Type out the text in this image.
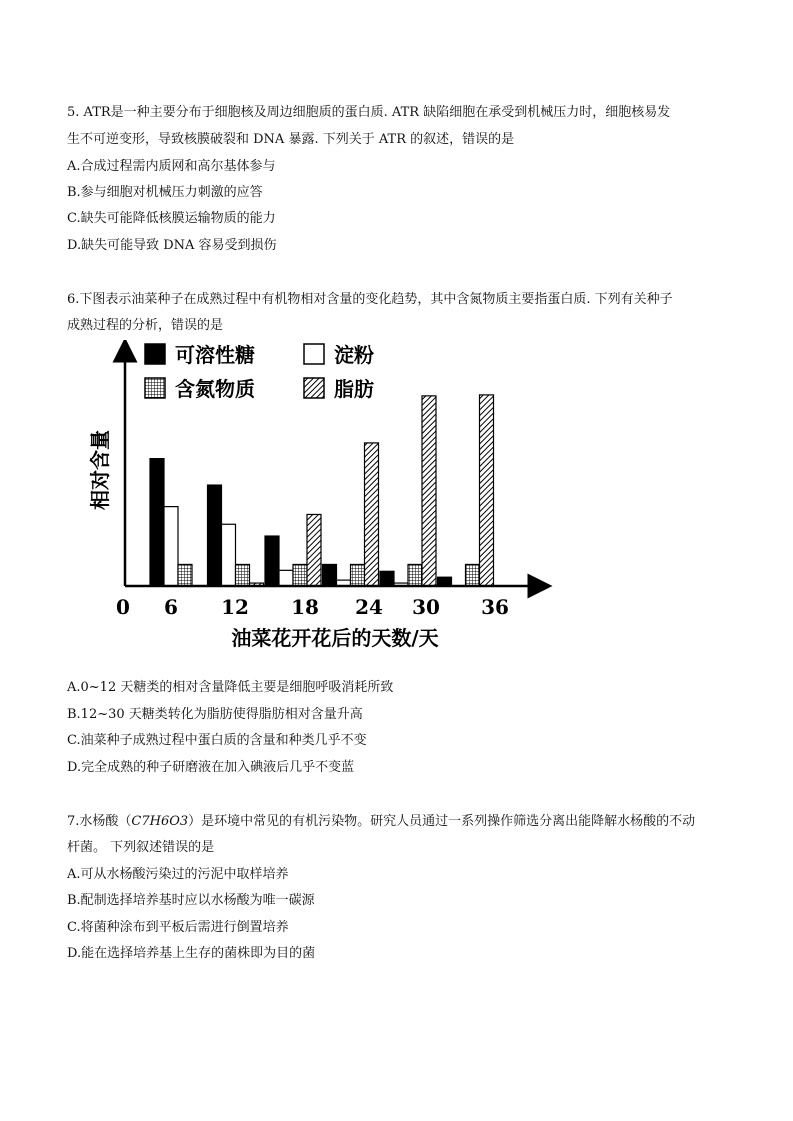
5. ATR是一种主要分布于细胞核及周边细胞质的蛋白质. ATR 缺陷细胞在承受到机械压力时，细胞核易发
生不可逆变形，导致核膜破裂和 DNA 暴露. 下列关于 ATR 的叙述，错误的是
A.合成过程需内质网和高尔基体参与
B.参与细胞对机械压力刺激的应答
C.缺失可能降低核膜运输物质的能力
D.缺失可能导致 DNA 容易受到损伤
6.下图表示油菜种子在成熟过程中有机物相对含量的变化趋势，其中含氮物质主要指蛋白质. 下列有关种子
成熟过程的分析，错误的是
可溶性糖	淀粉
含氮物质	脂肪
0 6 12 18 24 30 36
相对含量
油菜花开花后的天数/天
A.0~12 天糖类的相对含量降低主要是细胞呼吸消耗所致
B.12~30 天糖类转化为脂肪使得脂肪相对含量升高
C.油菜种子成熟过程中蛋白质的含量和种类几乎不变
D.完全成熟的种子研磨液在加入碘液后几乎不变蓝
7.水杨酸（C7H6O3）是环境中常见的有机污染物。研究人员通过一系列操作筛选分离出能降解水杨酸的不动
杆菌。 下列叙述错误的是
A.可从水杨酸污染过的污泥中取样培养
B.配制选择培养基时应以水杨酸为唯一碳源
C.将菌种涂布到平板后需进行倒置培养
D.能在选择培养基上生存的菌株即为目的菌
